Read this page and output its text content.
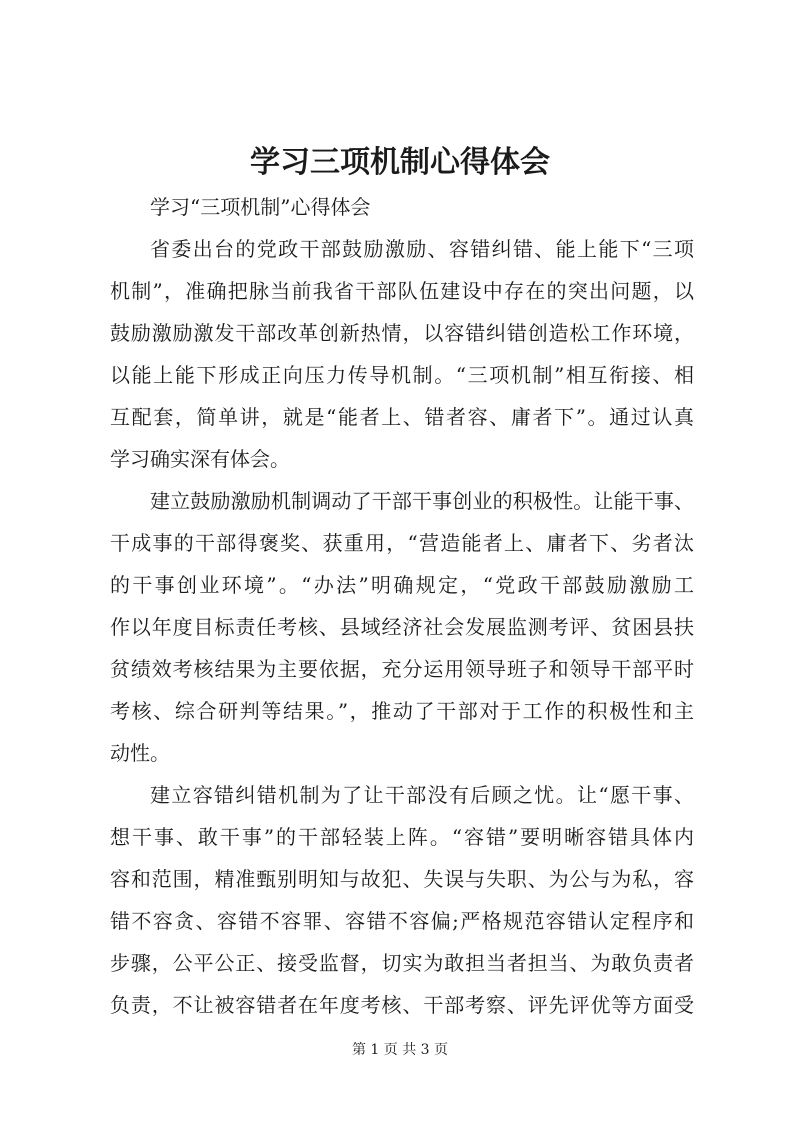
学习三项机制心得体会

学习“三项机制”心得体会

省委出台的党政干部鼓励激励、容错纠错、能上能下“三项
机制”，准确把脉当前我省干部队伍建设中存在的突出问题，以
鼓励激励激发干部改革创新热情，以容错纠错创造松工作环境，
以能上能下形成正向压力传导机制。“三项机制”相互衔接、相
互配套，简单讲，就是“能者上、错者容、庸者下”。通过认真
学习确实深有体会。

建立鼓励激励机制调动了干部干事创业的积极性。让能干事、
干成事的干部得褒奖、获重用，“营造能者上、庸者下、劣者汰
的干事创业环境”。“办法”明确规定，“党政干部鼓励激励工
作以年度目标责任考核、县域经济社会发展监测考评、贫困县扶
贫绩效考核结果为主要依据，充分运用领导班子和领导干部平时
考核、综合研判等结果。”，推动了干部对于工作的积极性和主
动性。

建立容错纠错机制为了让干部没有后顾之忧。让“愿干事、
想干事、敢干事”的干部轻装上阵。“容错”要明晰容错具体内
容和范围，精准甄别明知与故犯、失误与失职、为公与为私，容
错不容贪、容错不容罪、容错不容偏;严格规范容错认定程序和
步骤，公平公正、接受监督，切实为敢担当者担当、为敢负责者
负责，不让被容错者在年度考核、干部考察、评先评优等方面受

第 1 页 共 3 页
